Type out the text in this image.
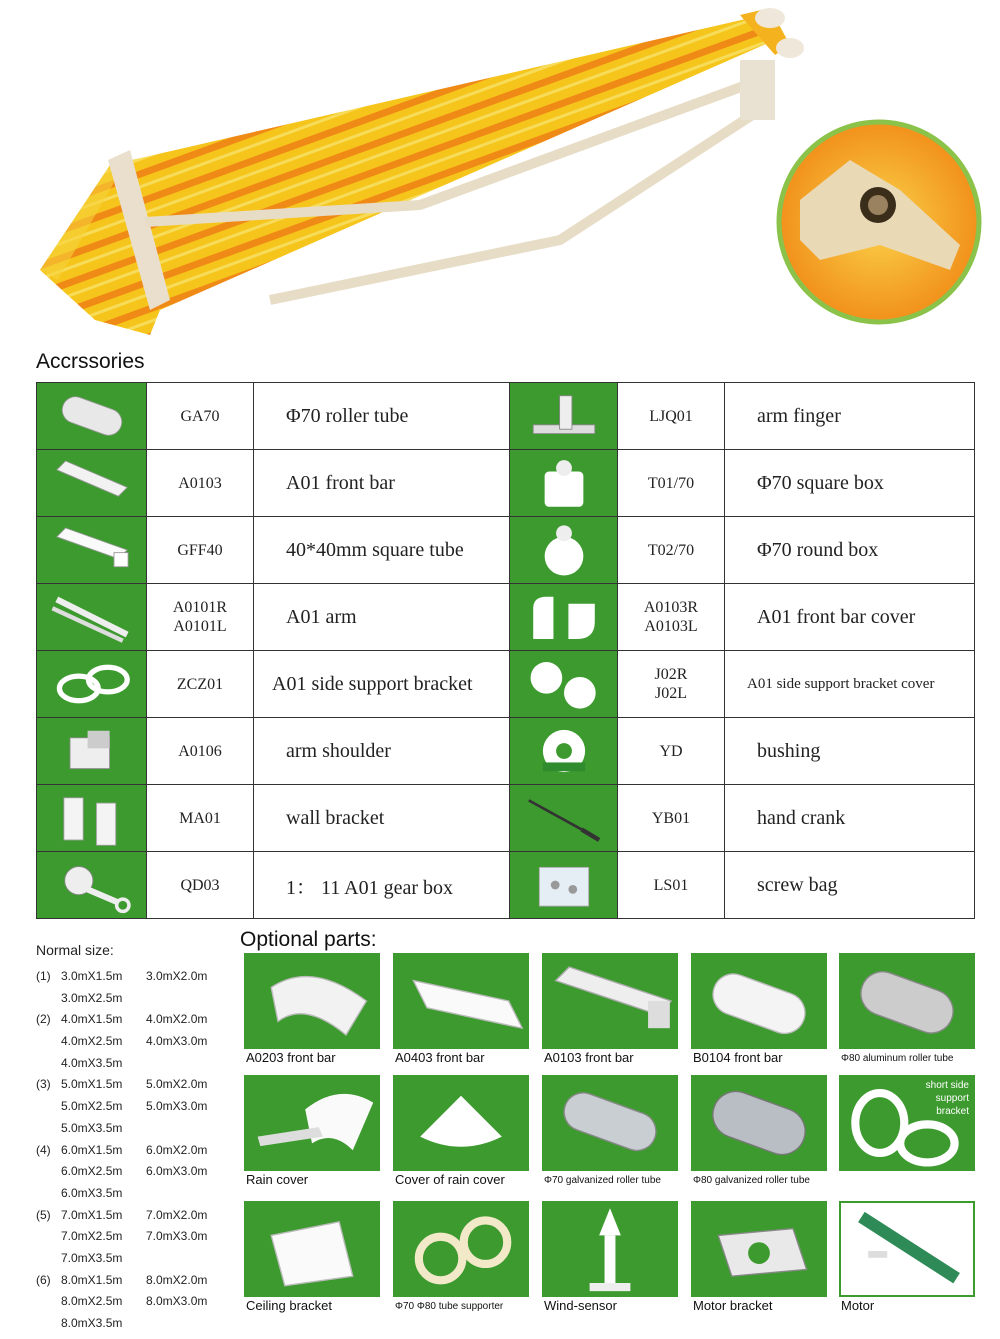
Accrssories
	GA70	Φ70 roller tube		LJQ01	arm finger

	A0103	A01 front bar		T01/70	Φ70 square box

	GFF40	40*40mm square tube		T02/70	Φ70 round box

	A0101R
A0101L	A01 arm		A0103R
A0103L	A01 front bar cover

	ZCZ01	A01 side support bracket		J02R
J02L	A01 side support bracket cover

	A0106	arm shoulder		YD	bushing

	MA01	wall bracket		YB01	hand crank

	QD03	1： 11 A01 gear box		LS01	screw bag
Normal size:
(1) 3.0mX1.5m 3.0mX2.0m
3.0mX2.5m
(2) 4.0mX1.5m 4.0mX2.0m
4.0mX2.5m 4.0mX3.0m
4.0mX3.5m
(3) 5.0mX1.5m 5.0mX2.0m
5.0mX2.5m 5.0mX3.0m
5.0mX3.5m
(4) 6.0mX1.5m 6.0mX2.0m
6.0mX2.5m 6.0mX3.0m
6.0mX3.5m
(5) 7.0mX1.5m 7.0mX2.0m
7.0mX2.5m 7.0mX3.0m
7.0mX3.5m
(6) 8.0mX1.5m 8.0mX2.0m
8.0mX2.5m 8.0mX3.0m
8.0mX3.5m
Optional parts:
A0203 front bar	A0403 front bar	A0103 front bar	B0104 front bar	Φ80 aluminum roller tube
Rain cover	Cover of rain cover	Φ70 galvanized roller tube	Φ80 galvanized roller tube
short side support bracket
Ceiling bracket	Φ70 Φ80 tube supporter	Wind-sensor	Motor bracket	Motor
